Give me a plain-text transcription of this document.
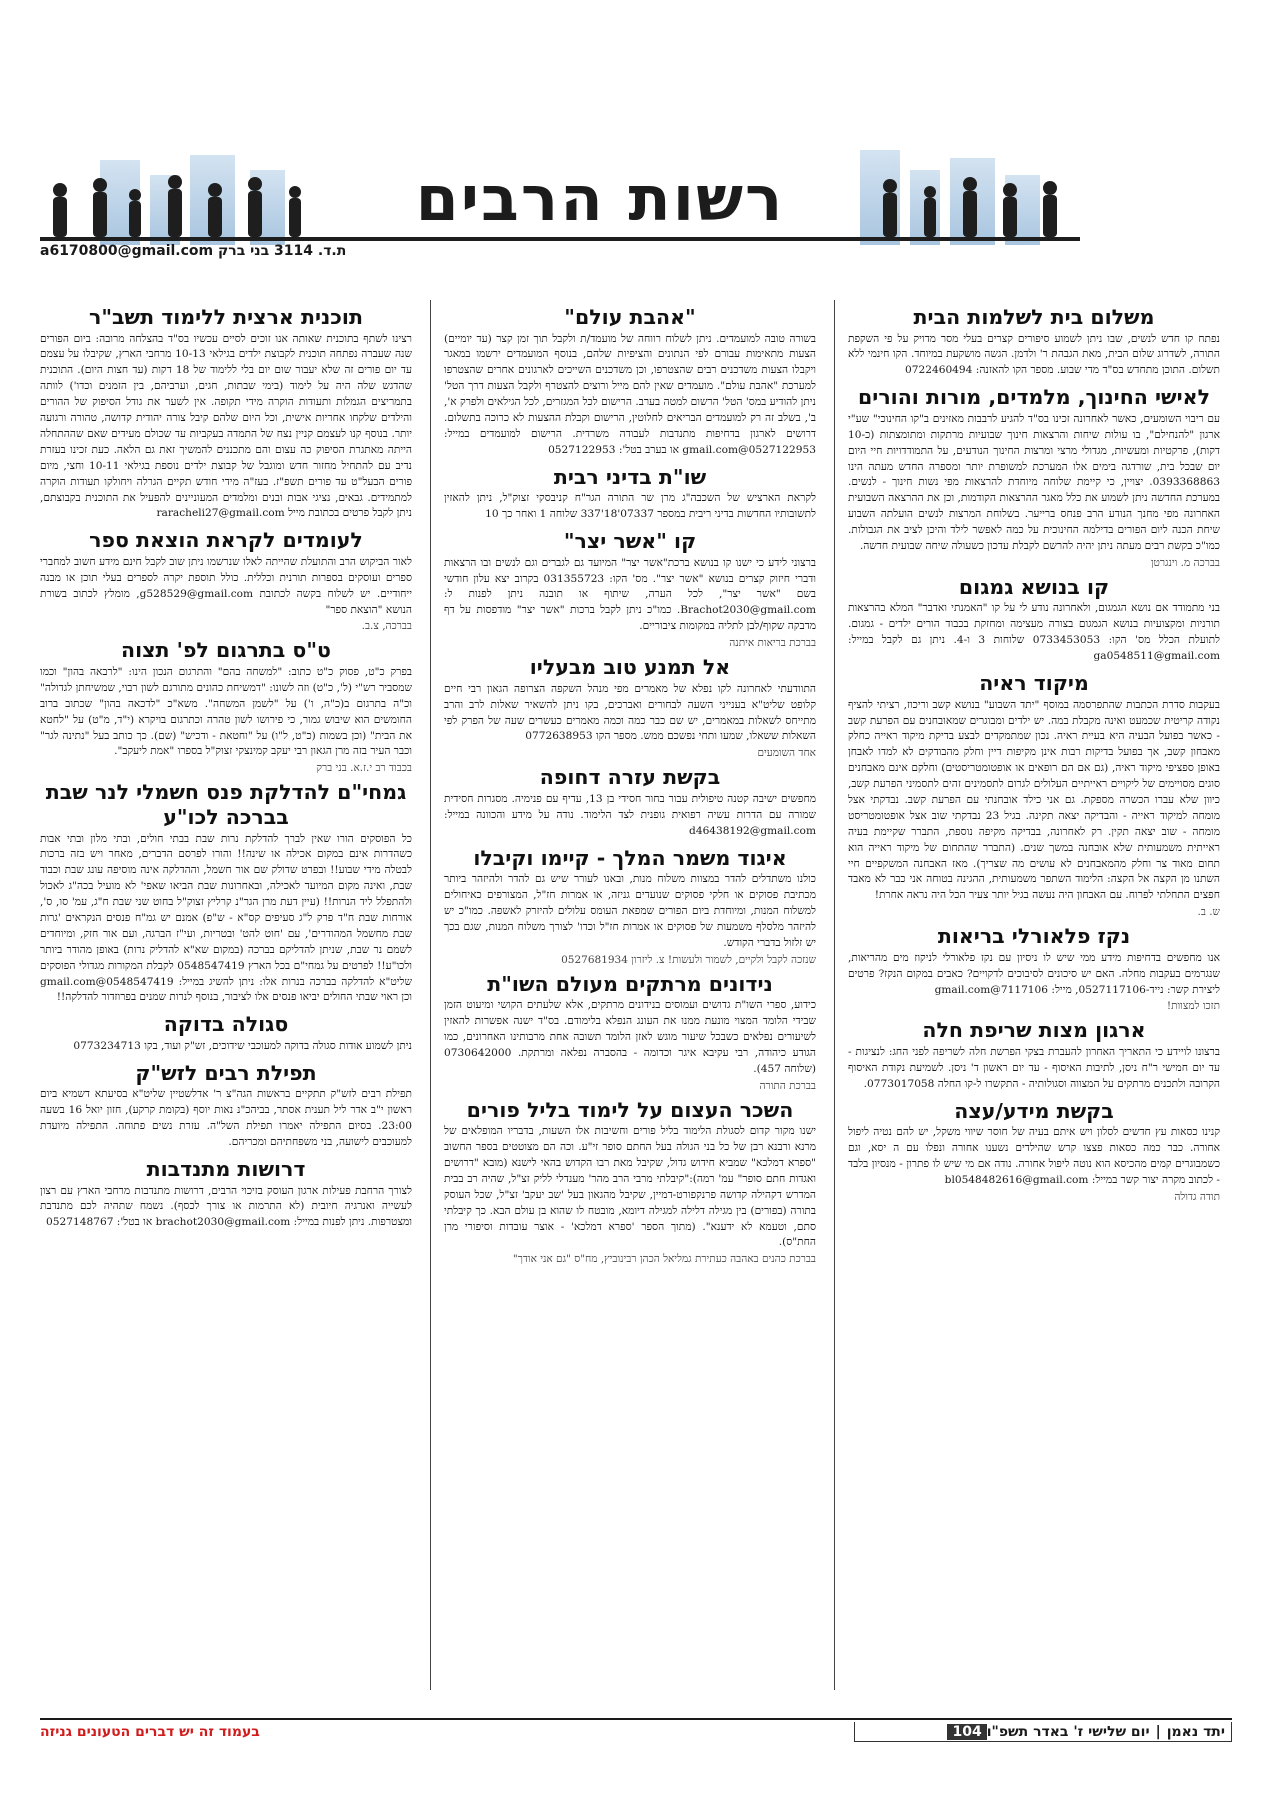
רשות הרבים
a6170800@gmail.com ת.ד. 3114 בני ברק
משלום בית לשלמות הבית

נפתח קו חדש לנשים, שבו ניתן לשמוע סיפורים קצרים בעלי מסר מדויק על פי השקפת התורה, לשדרוג שלום הבית, מאת הגבהת ר' ולדמן. הגשה מושקעת במיוחד. הקו חינמי ללא תשלום. התוכן מתחדש בס"ד מדי שבוע. מספר הקו להאזנה: 0722460494

לאישי החינוך, מלמדים, מורות והורים

עם ריבוי השומעים, כאשר לאחרונה זכינו בס"ד להגיע לרבבות מאזינים ב"קו החינוכי" שע"י ארגון "להנחילם", בו עולות שיחות והרצאות חינוך שבועיות מרתקות ומתומצתות (כ-10 דקות), פרקטיות ומעשיות, מגדולי מרצי ומרצות החינוך הנודעים, על התמודדויות חיי היום יום שבכל בית, שורדגה בימים אלו המערכת למשופרת יותר ומספרה החדש מעתה הינו 0393368863. יצויין, כי קיימת שלוחה מיוחדת להרצאות מפי נשות חינוך - לנשים. במערכת החדשה ניתן לשמוע את כלל מאגר ההרצאות הקודמות, וכן את ההרצאה השבועית האחרונה מפי מחנך הנודע הרב פנחס ברייער. בשלוחת המרצות לנשים הועלתה השבוע שיחת הכנה ליום הפורים בדילמה החינוכית על כמה לאפשר לילד והיכן לציב את הגבולות. כמו"כ בקשת רבים מעתה ניתן יהיה להרשם לקבלת עדכון כשעולה שיחה שבועית חדשה.

בברכה מ. וינגרטן
קו בנושא גמגום

בני מתמודד אם נושא הגמגום, ולאחרונה נודע לי על קו "האמנתי ואדבר" המלא בהרצאות תורניות ומקצועיות בנושא הגמגום בצורה מעצימה ומחזקת בכבוד הורים ילדים - גמגום. לתועלת הכלל מס' הקו: 0733453053 שלוחות 3 ו-4. ניתן גם לקבל במייל: ga0548511@gmail.com

מיקוד ראיה

בעקבות סדרת הכתבות שהתפרסמה במוסף "יתד השבוע" בנושא קשב וריכוז, רציתי להציף נקודה קריטית שכמעט ואינה מקבלת במה. יש ילדים ומבוגרים שמאובחנים עם הפרעת קשב - כאשר בפועל הבעיה היא בעיית ראיה. נכון שמתמקדים לבצע בדיקת מיקוד ראייה כחלק מאבחון קשב, אך בפועל בדיקות רבות אינן מקיפות דיין וחלק מהבודקים לא למדו לאבחן באופן ספציפי מיקוד ראיה, (גם אם הם רופאים או אופטומטריסטים) וחלקם אינם מאבחנים סוגים מסויימים של ליקויים ראייתיים העלולים לגרום לתסמינים זהים לתסמיני הפרעת קשב, כיוון שלא עברו הכשרה מספקת. גם אני כילד אובחנתי עם הפרעת קשב. נבדקתי אצל מומחה למיקוד ראייה - והבדיקה יצאה תקינה. בגיל 23 נבדקתי שוב אצל אופטומטריסט מומחה - שוב יצאה תקין. רק לאחרונה, בבדיקה מקיפה נוספת, התברר שקיימת בעיה ראייתית משמעותית שלא אובחנה במשך שנים. (התברר שהתחום של מיקוד ראייה הוא תחום מאוד צר וחלק מהמאבחנים לא עושים מה שצריך). מאז האבחנה המשקפיים חיי השתנו מן הקצה אל הקצה: הלימוד השתפר משמעותית, ההגינה בטוחה אני כבר לא מאבד חפצים התחלתי לפרוח. עם האבחון היה נעשה בגיל יותר צעיר הכל היה נראה אחרת!

ש. ב.
נקז פלאורלי בריאות

אנו מחפשים בדחיפות מידע ממי שיש לו ניסיון עם נקז פלאורלי לניקוז מים מהריאות, שנגרמים בעקבות מחלה. האם יש סיכונים לסיבוכים לדקויים? כאבים במקום הנקז? פרטים ליצירת קשר: נייד-0527117106, מייל: 7117106@gmail.com

תזכו למצוות!
ארגון מצות שריפת חלה

ברצונו לויידע כי התאריך האחרון להעברת בצקי הפרשת חלה לשריפה לפני החג: לנציגות - עד יום חמישי ר"ח ניסן, לתיבות האיסוף - עד יום ראשון ד' ניסן. לשמיעת נקודת האיסוף הקרובה ולתכנים מרתקים על המצווה וסגולותיה - התקשרו ל-קו החלה 0773017058.

בקשת מידע/עצה

קנינו כסאות עץ חדשים לסלון ויש איתם בעיה של חוסר שיווי משקל, יש להם נטיה ליפול אחורה. כבר כמה כסאות פצצו קרש שהילדים נשענו אחורה ונפלו עם ה יסא, וגם כשמבוגרים קמים מהכיסא הוא נוטה ליפול אחורה. נודה אם מי שיש לו פתרון - מנסיון בלבד - לכתוב מקרה יצור קשר במייל: bl0548482616@gmail.com

תודה גדולה
"אהבת עולם"

בשורה טובה למועמדים. ניתן לשלוח רווחה של מועמד/ת ולקבל תוך זמן קצר (עד יומיים) הצעות מתאימות עבורם לפי הנתונים והציפיות שלהם, בנוסף המועמדים ירשמו במאגר ויקבלו הצעות משדכנים רבים שהצטרפו, וכן משדכנים השייכים לארגונים אחרים שהצטרפו למערכת "אהבת עולם". מועמדים שאין להם מייל ורוצים להצטרף ולקבל הצעות דרך הטל' ניתן להודיע במס' הטל' הרשום למטה בערב. הרישום לכל המגזרים, לכל הגילאים ולפרק א', ב', בשלב זה רק למועמדים הבריאים לחלוטין, הרישום וקבלת ההצעות לא כרוכה בתשלום. דרושים לארגון בדחיפות מתנדבות לעבודה משרדית. הרישום למועמדים במייל: gmail.com@0527122953 או בערב בטל': 0527122953

שו"ת בדיני רבית

לקראת הארציש של השכבה"ג מרן שר התורה הגר"ח קניבסקי זצוק"ל, ניתן להאזין לתשובותיו החדשות בדיני ריבית במספר 07337'18'337 שלוחה 1 ואחר כך 10

קו "אשר יצר"

ברצוני לידע כי ישנו קו בנושא ברכת"אשר יצר" המיועד גם לגברים וגם לנשים ובו הרצאות ודברי חיזוק קצרים בנושא "אשר יצר". מס' הקו: 031355723 בקרוב יצא עלון חודשי בשם "אשר יצר", לכל הערה, שיתוף או תובנה ניתן לפנות ל: Brachot2030@gmail.com. כמו"כ ניתן לקבל ברכות "אשר יצר" מודפסות על דף מדבקה שקוף/לבן לתליה במקומות ציבוריים.

בברכת בריאות איתנה
אל תמנע טוב מבעליו

התוודעתי לאחרונה לקו נפלא של מאמרים מפי מנהל השקפה הצרופה הגאון רבי חיים קלופט שליט"א בענייני השעה לבחורים ואברכים, בקו ניתן להשאיר שאלות לרב והרב מתייחס לשאלות במאמרים, יש שם כבר כמה וכמה מאמרים כעשרים שעה של הפרק לפי השאלות ששאלו, שמעו ותחי נפשכם ממש. מספר הקו 0772638953

אחד השומעים
בקשת עזרה דחופה

מחפשים ישיבה קטנה טיפולית עבור בחור חסידי בן 13, עדיף עם פנימיה. מסגרות חסידית שמורה עם הדרות עשיה רפואית גופנית לצד הלימוד. נודה על מידע והכוונה במייל: d46438192@gmail.com

איגוד משמר המלך - קיימו וקיבלו

כולנו משתדלים להדר במצוות משלוח מנות, ובאנו לעורר שיש גם להדר ולהיזהר ביותר מכתיבת פסוקים או חלקי פסוקים שנועדים גניזה, או אמרות חז"ל, המצורפים כאיחולים למשלוח המנות, ומיוחדת ביום הפורים שמפאת העומס עלולים להיזרק לאשפה. כמו"כ יש להיזהר מלסלף משמעות של פסוקים או אמרות חז"ל וכדו' לצורך משלוח המנות, שגם בכך יש זלזול בדברי הקודש.

שנזכה לקבל ולקיים, לשמור ולעשות! צ. ליזרון 0527681934
נידונים מרתקים מעולם השו"ת

כידוע, ספרי השו"ת גדושים ועמוסים בנידונים מרתקים, אלא שלעתים הקושי ומיעוט הזמן שבידי הלומד המצוי מונעת ממנו את העונג הנפלא בלימודם. בס"ד ישנה אפשרות להאזין לשיעורים נפלאים כשבכל שיעור מוגש לאזן הלומד תשובה אחת מרבותינו האחרונים, כמו הגודע כיהודה, רבי עקיבא איגר וכדומה - בהסברה נפלאה ומרתקת. 0730642000 (שלוחה 457).

בברכת התורה
השכר העצום על לימוד בליל פורים

ישנו מקור קדום לסגולת הלימוד בליל פורים וחשיבות אלו השעות, בדבריו המופלאים של מרנא ורבנא רבן של כל בני הגולה בעל החתם סופר זי"ע. וכה הם מצוטטים בספר החשוב "ספרא דמלכא" שמביא חידוש גדול, שקיבל מאת רבו הקדוש בהאי לישנא (מובא "דרושים ואגדות חתם סופר" עמ' רמה):"קיבלתי מרבי הרב מהר' מענדלי לליק זצ"ל, שהיה רב בבית המדרש דקהילה קדושה פרנקפורט-דמיין, שקיבל מהגאון בעל 'שב יעקב' זצ"ל, שכל העוסק בתורה (בפורים) בין מגילה דלילה למגילה דיומא, מובטח לו שהוא בן עולם הבא. כך קיבלתי סתם, וטעמא לא ידענא". (מתוך הספר 'ספרא דמלכא' - אוצר עובדות וסיפורי מרן החת"ס).

בברכת כהנים באהבה כעתירת גמליאל הכהן רבינוביץ, מח"ס "גם אני אודך"
תוכנית ארצית ללימוד תשב"ר

רצינו לשתף בתוכנית שאותה אנו זוכים לסיים עכשיו בס"ד בהצלחה מרובה: ביום הפורים שנה שעברה נפתחה תוכנית לקבוצת ילדים בגילאי 10-13 מרחבי הארץ, שקיבלו על עצמם עד יום פורים זה שלא יעבור שום יום בלי ללימוד של 18 דקות (עד חצות היום). התוכנית שהדגש שלה היה על לימוד (בימי שבתות, חגים, וערביהם, בין הזמנים וכדו') לוותה בתמריצים הגמלות ותעודות הוקרה מידי תקופה. אין לשער את גודל הסיפוק של ההורים והילדים שלקחו אחריות אישית, וכל היום שלהם קיבל צורה יהודית קדושה, טהורה ורגועה יותר. בנוסף קנו לעצמם קניין נצח של התמדה בעקביות עד שכולם מעידים שאם שההתחלה הייתה מאתגרת הסיפוק כה עצום והם מתכננים להמשיך זאת גם הלאה. כעת זכינו בעזרת נדיב עם להתחיל מחזור חדש ומוגבל של קבוצת ילדים נוספת בגילאי 10-11 וחצי, מיום פורים הבעל"ט עד פורים תשפ"ז. בעז"ה מידי חודש תקיים הגרלה ויחולקו תעודות הוקרה למתמידים. גבאים, נציגי אבות ובנים ומלמדים המעוניינים להפעיל את התוכנית בקבוצתם, ניתן לקבל פרטים בכתובת מייל raracheli27@gmail.com

לעומדים לקראת הוצאת ספר

לאור הביקוש הרב והתועלת שהייתה לאלו שנרשמו ניתן שוב לקבל חינם מידע חשוב למחברי ספרים ועוסקים בספרות תורנית וכללית. כולל תוספת יקרה לספרים בעלי תוכן או מבנה ייחודיים. יש לשלוח בקשה לכתובת g528529@gmail.com, מומלץ לכתוב בשורת הנושא "הוצאת ספר"

בברכה, צ.ב.
ט"ס בתרגום לפ' תצוה

בפרק כ"ט, פסוק כ"ט כתוב: "למשחה בהם" והתרגום הנכון הינו: "לרבאה בהון" וכמו שמסביר רש"י (ל', כ"ט) וזה לשונו: "דמשיחת כהונים מתורגם לשון רבוי, שמשיחתן לגדולה" וכ"ה בתרגום ב(כ"ה, ו') על "לשמן המשחה". משא"כ "לדכאה בהון" שכתוב ברוב החומשים הוא שיבוש גמור, כי פירושו לשון טהרה וכתרגום בויקרא (י"ד, מ"ט) על "לחטא את הבית" (וכן בשמות (כ"ט, ל"ו) על "וחטאת - ודכיש" (שם). כך כותב בעל "נתינה לגר" וכבר העיר בזה מרן הגאון רבי יעקב קמינצקי זצוק"ל בספרו "אמת ליעקב".

בכבוד רב י.ז.א. בני ברק
גמחי"ם להדלקת פנס חשמלי לנר שבת בברכה לכו"ע

כל הפוסקים הורו שאין לברך להדלקת נרות שבת בבתי חולים, ובתי מלון ובתי אבות כשהדרות אינם במקום אכילה או שינה!! והורו לפרסם הדברים, מאחר ויש בזה ברכות לבטלה מידי שבוע!! ובפרט שדולק שם אור חשמל, וההדלקה אינה מוסיפה עונג שבת וכבוד שבת, ואינה מקום המיועד לאכילה, ובאחרונות שבת הביאו שאפי' לא מועיל בכה"ג לאכול ולהתפלל ליד הנרות!! (עיין דעת מרן הגר"נ קרליץ זצוק"ל בחוט שני שבת ח"ג, עמ' סו, ס', אורחות שבת ח"ד פרק ל"ג סעיפים קס"א - ש"פ) אמנם יש גמ"ח פנסים הנקראים 'גרות שבת מחשמל המהודרים', עם 'חוט להט' ובטריות, ועי"ז הברגה, ועם אור חזק, ומיוחדים לשמם נר שבת, שניתן להדליקם בברכה (במקום שא"א להדליק נרות) באופן מהודר ביותר ולכו"ע!! לפרטים על גמחי"ם בכל הארץ 0548547419 לקבלת המקורות מגדולי הפוסקים שליט"א להדלקה בברכה בנרות אלו: ניתן להשיג במייל: 0548547419@gmail.com וכן ראוי שבתי החולים יביאו פנסים אלו לציבור, בנוסף לנרות שמנים בפרוזדור להדלקה!!

סגולה בדוקה

ניתן לשמוע אודות סגולה בדוקה למעוכבי שידוכים, זש"ק ועוד, בקו 0773234713

תפילת רבים לזש"ק

תפילת רבים לזש"ק תתקיים בראשות הגה"צ ר' אדלשטיין שליט"א בסיעתא דשמיא ביום ראשון י"ב אדר ליל תענית אסתר, בביהכ"נ נאות יוסף (בקומת קרקע), חזון יואל 16 בשעה 23:00. בסיום התפילה יאמרו תפילת השל"ה. עזרת נשים פתוחה. התפילה מיועדת למעוכבים לישועה, בני משפחתיהם ומכריהם.

דרושות מתנדבות

לצורך הרחבת פעילות ארגון העוסק בזיכוי הרבים, דרושות מתנדבות מרחבי הארץ עם רצון לעשייה ואנרגיה חיובית (לא התרמות או צורך לכסף). נשמח שתהיה לכם מתנדבת ומצטרפות. ניתן לפנות במייל: brachot2030@gmail.com או בטל': 0527148767

יתד נאמן
|
יום שלישי ז' באדר תשפ"ו
104
בעמוד זה יש דברים הטעונים גניזה
